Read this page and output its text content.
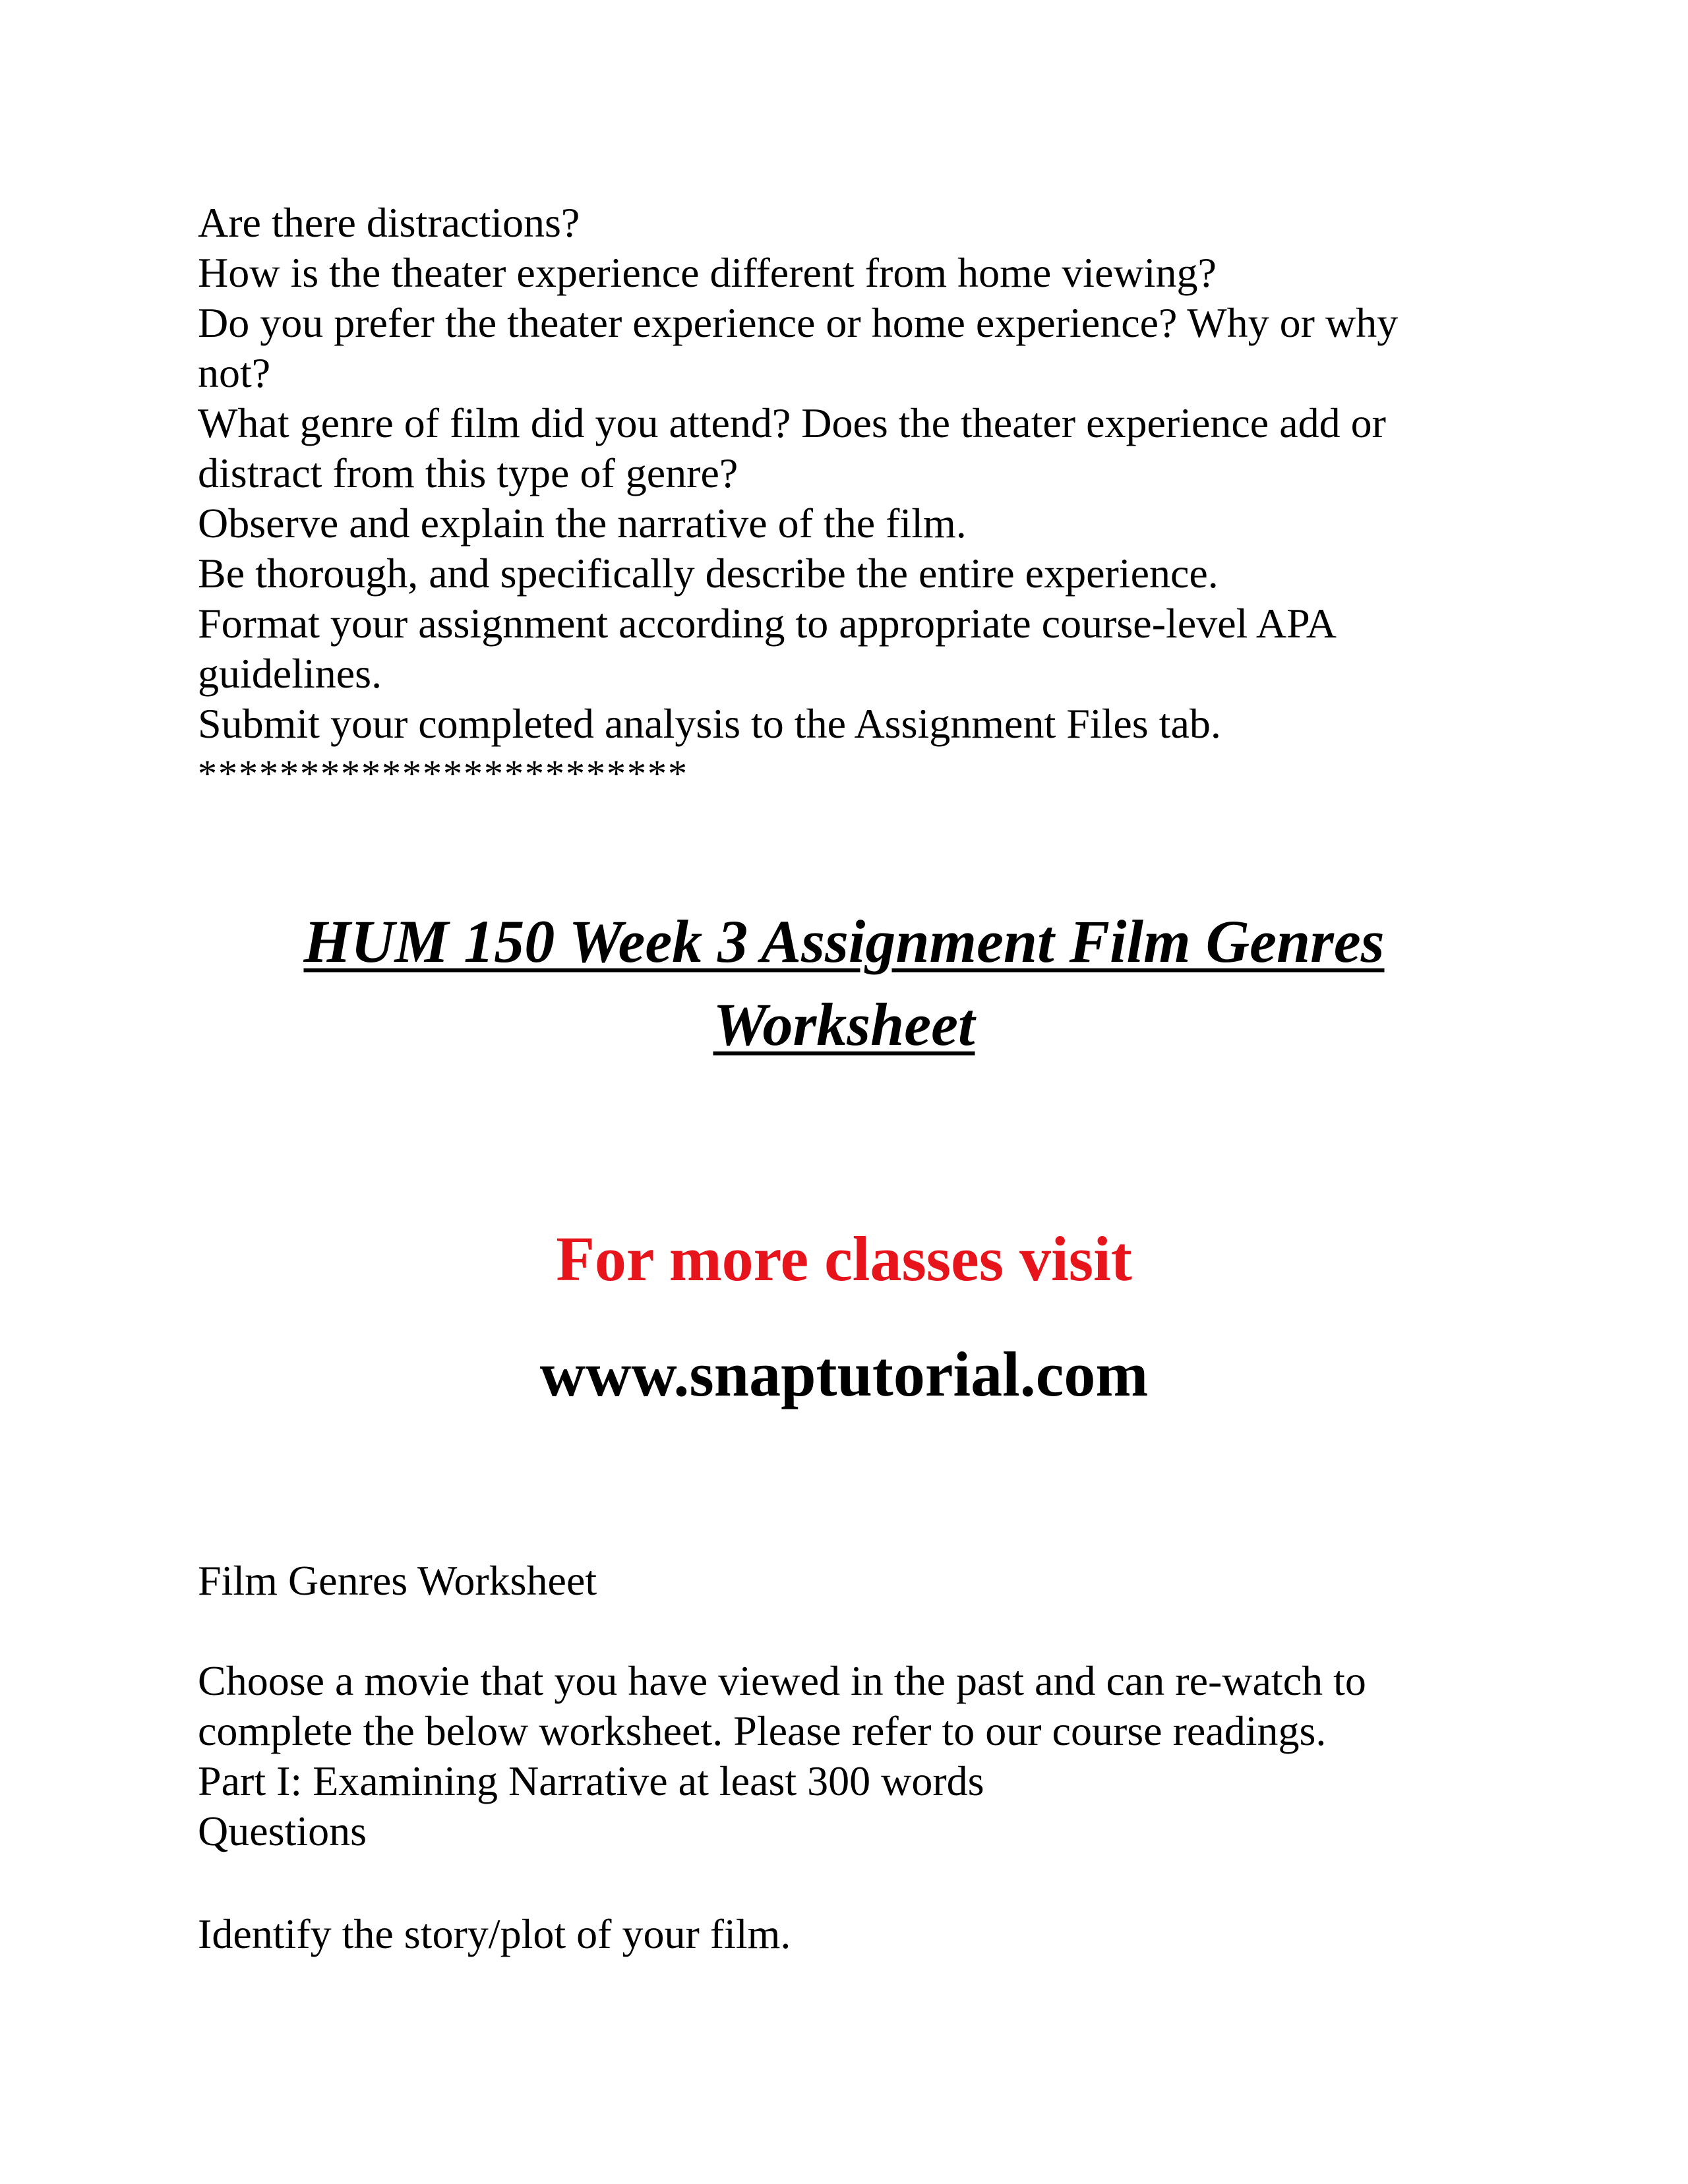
Are there distractions?
How is the theater experience different from home viewing?
Do you prefer the theater experience or home experience? Why or why
not?
What genre of film did you attend? Does the theater experience add or
distract from this type of genre?
Observe and explain the narrative of the film.
Be thorough, and specifically describe the entire experience.
Format your assignment according to appropriate course-level APA
guidelines.
Submit your completed analysis to the Assignment Files tab.
************************
HUM 150 Week 3 Assignment Film Genres
Worksheet
For more classes visit
www.snaptutorial.com
Film Genres Worksheet
Choose a movie that you have viewed in the past and can re-watch to
complete the below worksheet. Please refer to our course readings.
Part I: Examining Narrative at least 300 words
Questions
Identify the story/plot of your film.
